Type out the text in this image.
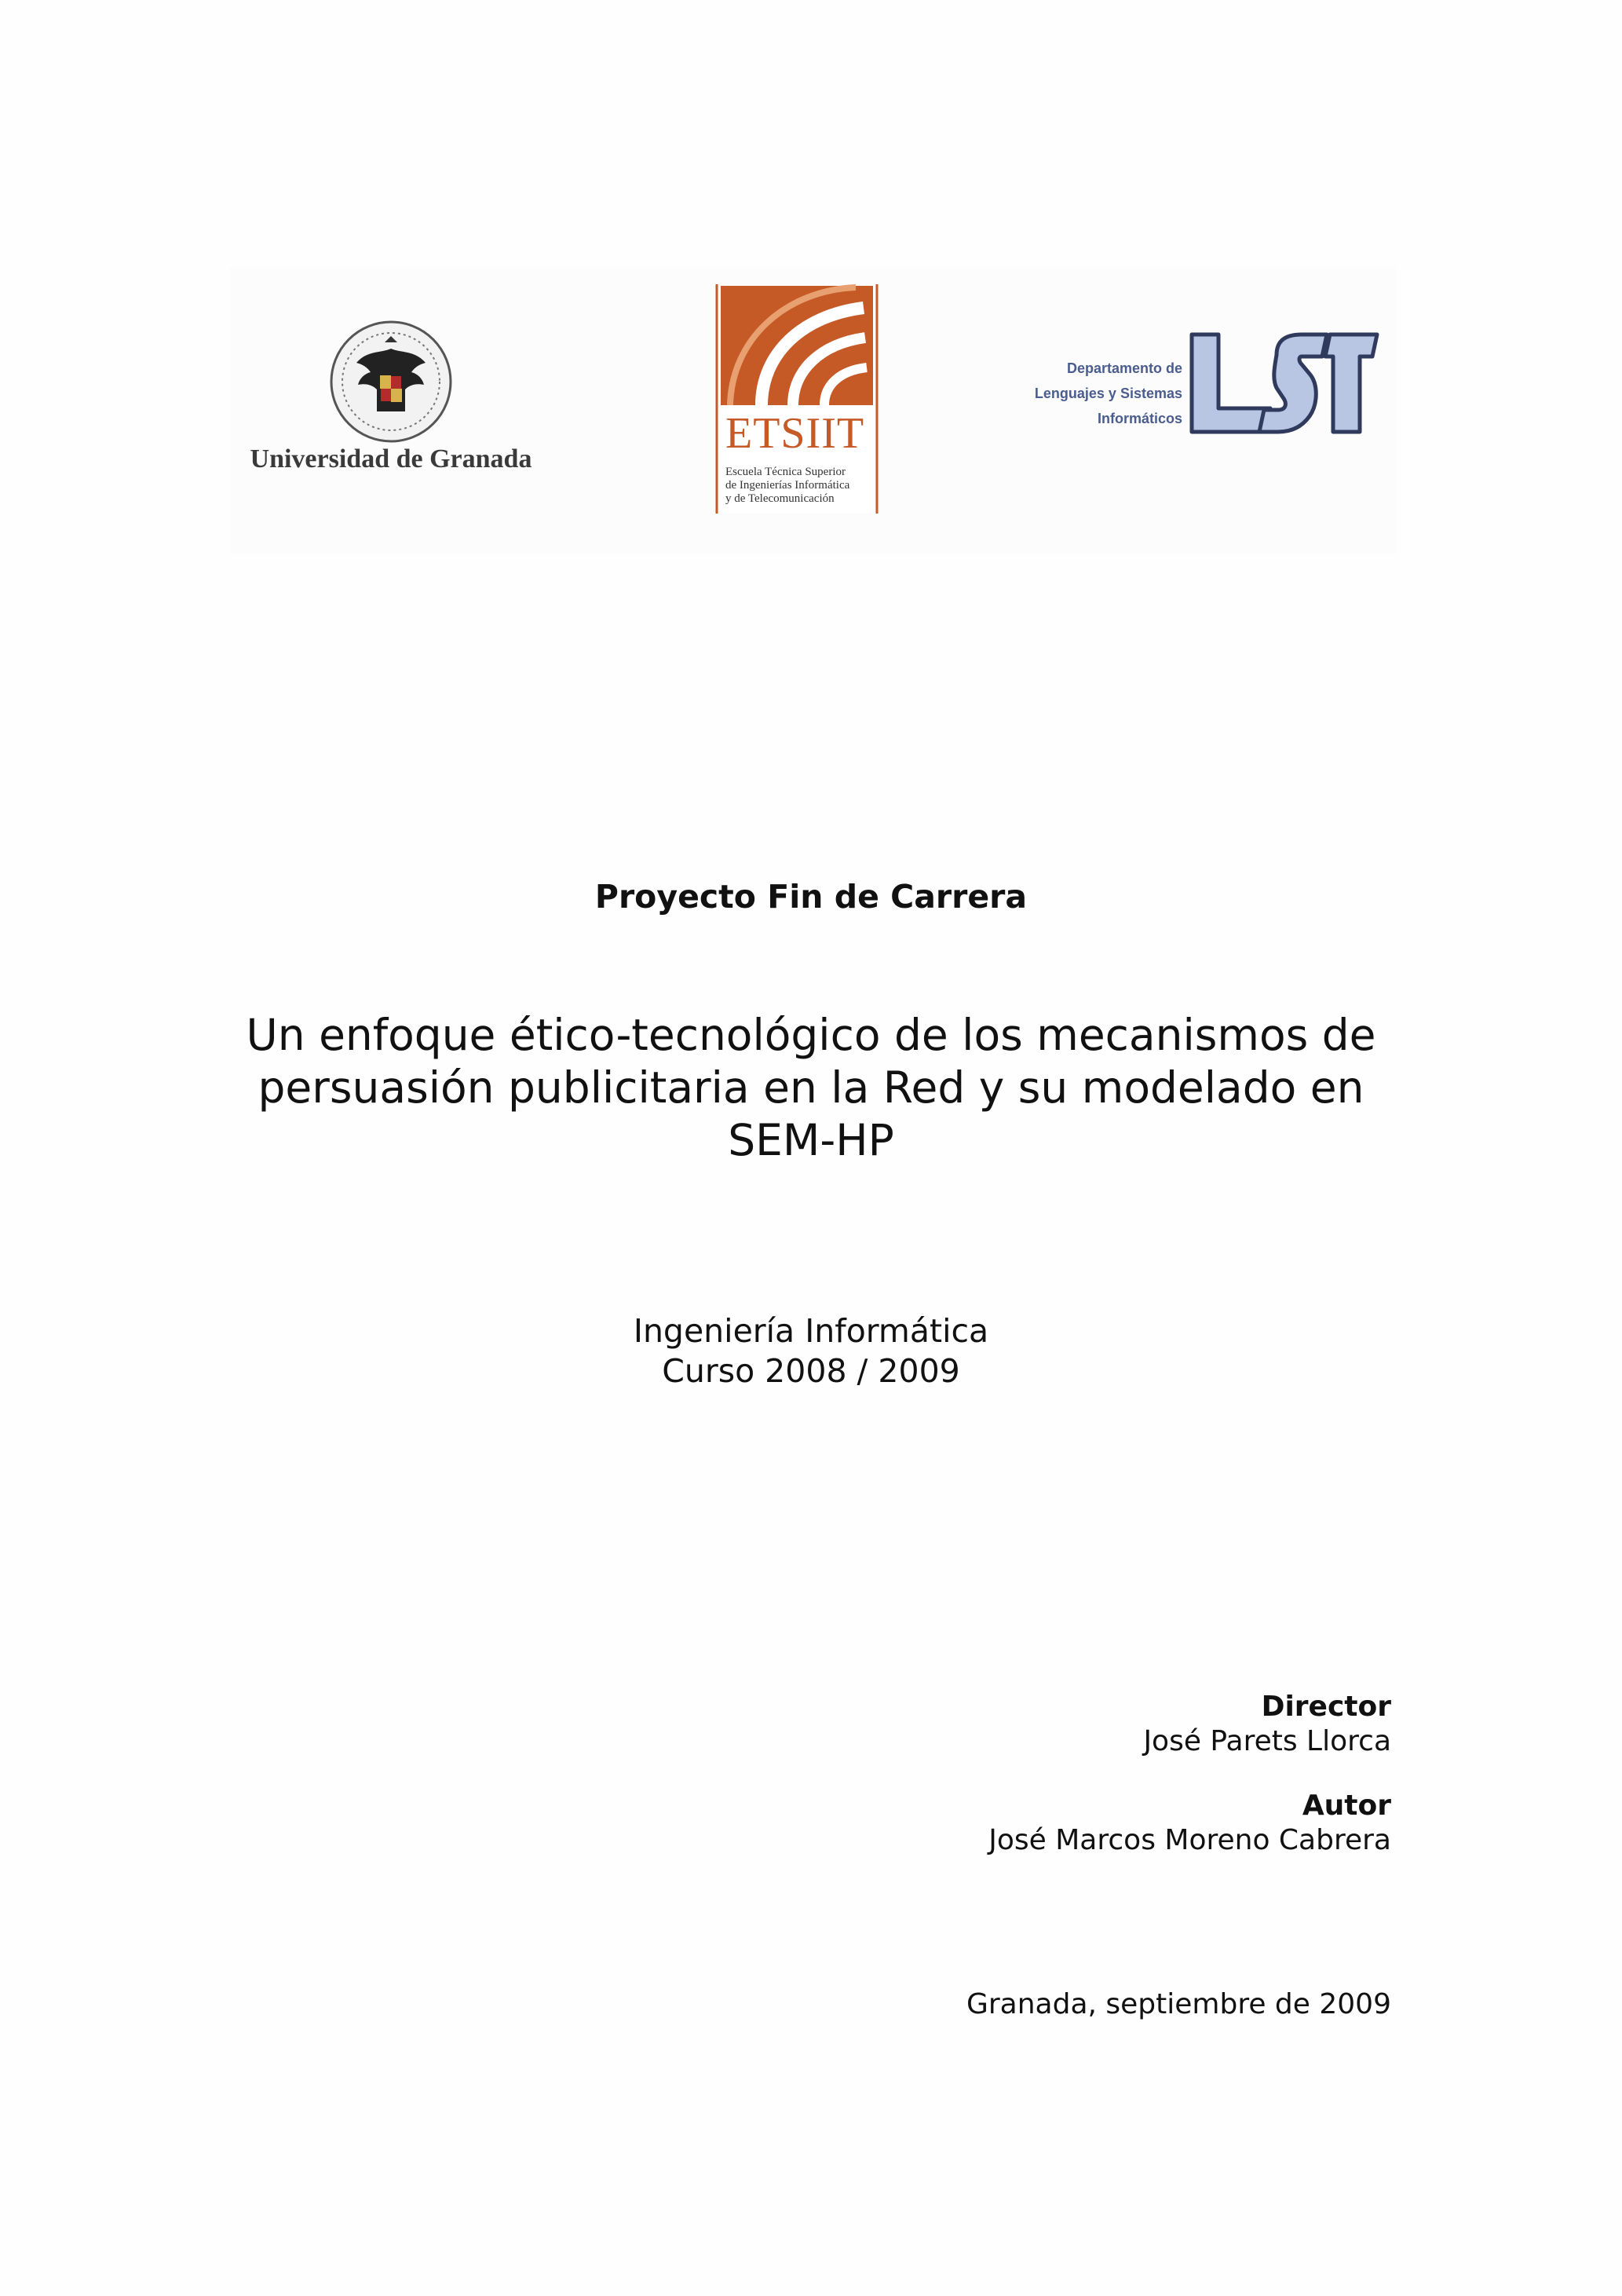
Universidad de Granada
ETSIIT
Escuela Técnica Superior
de Ingenierías Informática
y de Telecomunicación
Departamento de
Lenguajes y Sistemas
Informáticos
Proyecto Fin de Carrera
Un enfoque ético-tecnológico de los mecanismos de persuasión publicitaria en la Red y su modelado en SEM-HP
Ingeniería Informática
Curso 2008 / 2009
Director
José Parets Llorca
Autor
José Marcos Moreno Cabrera
Granada, septiembre de 2009
